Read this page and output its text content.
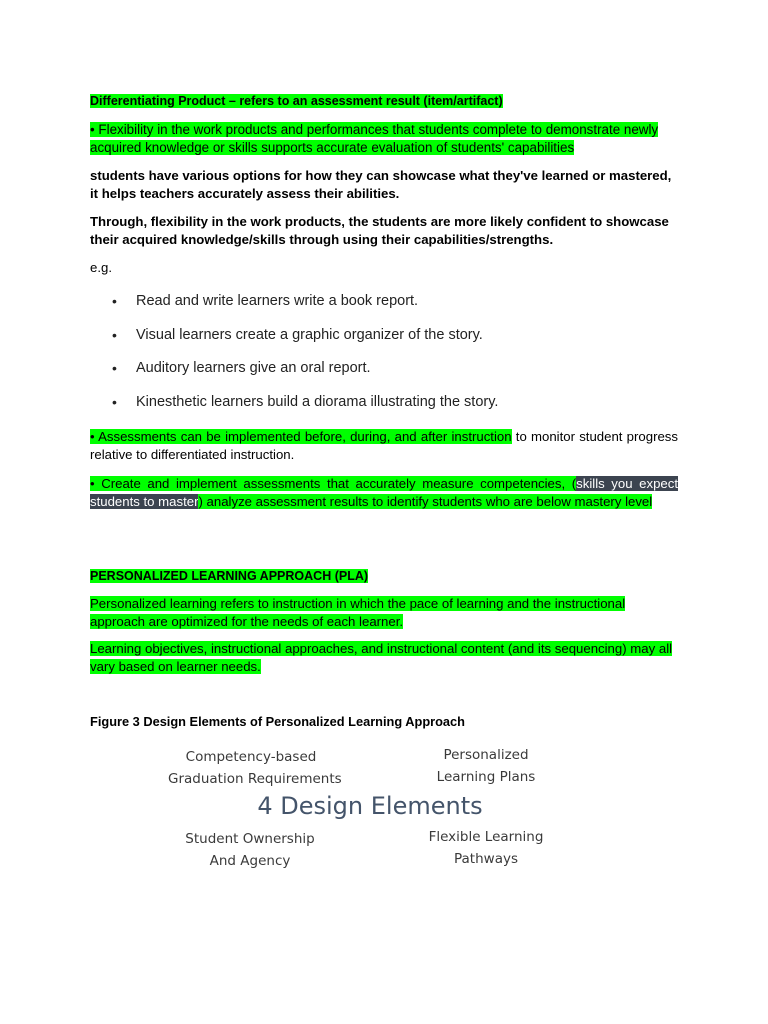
Differentiating Product – refers to an assessment result (item/artifact)

• Flexibility in the work products and performances that students complete to demonstrate newly acquired knowledge or skills supports accurate evaluation of students' capabilities

students have various options for how they can showcase what they've learned or mastered, it helps teachers accurately assess their abilities.

Through, flexibility in the work products, the students are more likely confident to showcase their acquired knowledge/skills through using their capabilities/strengths.

e.g.

• Read and write learners write a book report.
• Visual learners create a graphic organizer of the story.
• Auditory learners give an oral report.
• Kinesthetic learners build a diorama illustrating the story.

• Assessments can be implemented before, during, and after instruction to monitor student progress relative to differentiated instruction.

• Create and implement assessments that accurately measure competencies, (skills you expect students to master) analyze assessment results to identify students who are below mastery level

PERSONALIZED LEARNING APPROACH (PLA)

Personalized learning refers to instruction in which the pace of learning and the instructional approach are optimized for the needs of each learner.

Learning objectives, instructional approaches, and instructional content (and its sequencing) may all vary based on learner needs.

Figure 3 Design Elements of Personalized Learning Approach

Competency-based
Graduation Requirements
Personalized
Learning Plans
4 Design Elements
Student Ownership
And Agency
Flexible Learning
Pathways
